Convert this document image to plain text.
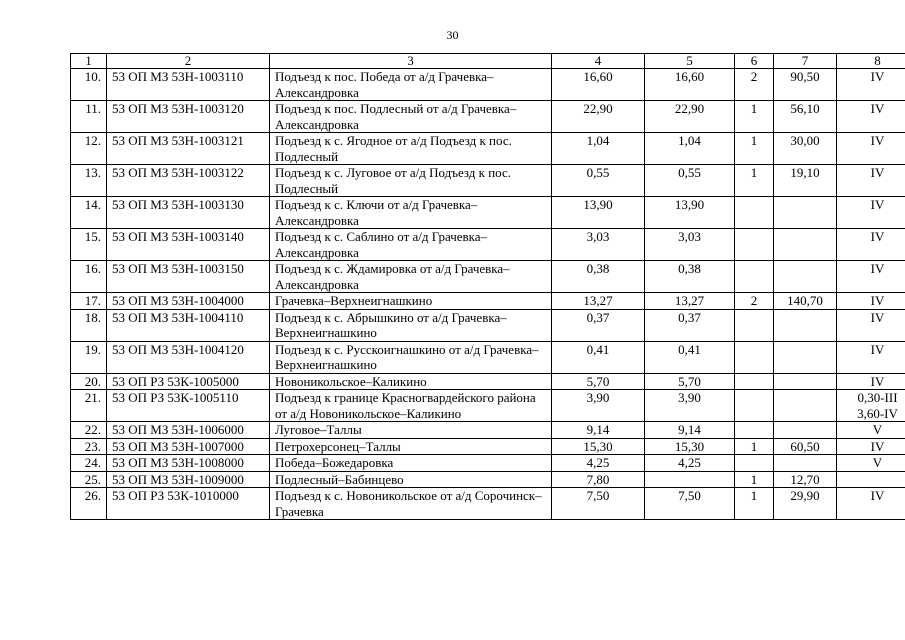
30
1	2	3	4	5	6	7	8
10.	53 ОП МЗ 53Н-1003110	Подъезд к пос. Победа от а/д Грачевка–Александровка	16,60	16,60	2	90,50	IV
11.	53 ОП МЗ 53Н-1003120	Подъезд к пос. Подлесный от а/д Грачевка–Александровка	22,90	22,90	1	56,10	IV
12.	53 ОП МЗ 53Н-1003121	Подъезд к с. Ягодное от а/д Подъезд к пос. Подлесный	1,04	1,04	1	30,00	IV
13.	53 ОП МЗ 53Н-1003122	Подъезд к с. Луговое от а/д Подъезд к пос. Подлесный	0,55	0,55	1	19,10	IV
14.	53 ОП МЗ 53Н-1003130	Подъезд к с. Ключи от а/д Грачевка–Александровка	13,90	13,90			IV
15.	53 ОП МЗ 53Н-1003140	Подъезд к с. Саблино от а/д Грачевка–Александровка	3,03	3,03			IV
16.	53 ОП МЗ 53Н-1003150	Подъезд к с. Ждамировка от а/д Грачевка–Александровка	0,38	0,38			IV
17.	53 ОП МЗ 53Н-1004000	Грачевка–Верхнеигнашкино	13,27	13,27	2	140,70	IV
18.	53 ОП МЗ 53Н-1004110	Подъезд к с. Абрышкино от а/д Грачевка–Верхнеигнашкино	0,37	0,37			IV
19.	53 ОП МЗ 53Н-1004120	Подъезд к с. Русскоигнашкино от а/д Грачевка–Верхнеигнашкино	0,41	0,41			IV
20.	53 ОП РЗ 53К-1005000	Новоникольское–Каликино	5,70	5,70			IV
21.	53 ОП РЗ 53К-1005110	Подъезд к границе Красногвардейского района от а/д Новоникольское–Каликино	3,90	3,90			0,30-III
3,60-IV
22.	53 ОП МЗ 53Н-1006000	Луговое–Таллы	9,14	9,14			V
23.	53 ОП МЗ 53Н-1007000	Петрохерсонец–Таллы	15,30	15,30	1	60,50	IV
24.	53 ОП МЗ 53Н-1008000	Победа–Божедаровка	4,25	4,25			V
25.	53 ОП МЗ 53Н-1009000	Подлесный–Бабинцево	7,80		1	12,70	
26.	53 ОП РЗ 53К-1010000	Подъезд к с. Новоникольское от а/д Сорочинск–Грачевка	7,50	7,50	1	29,90	IV
